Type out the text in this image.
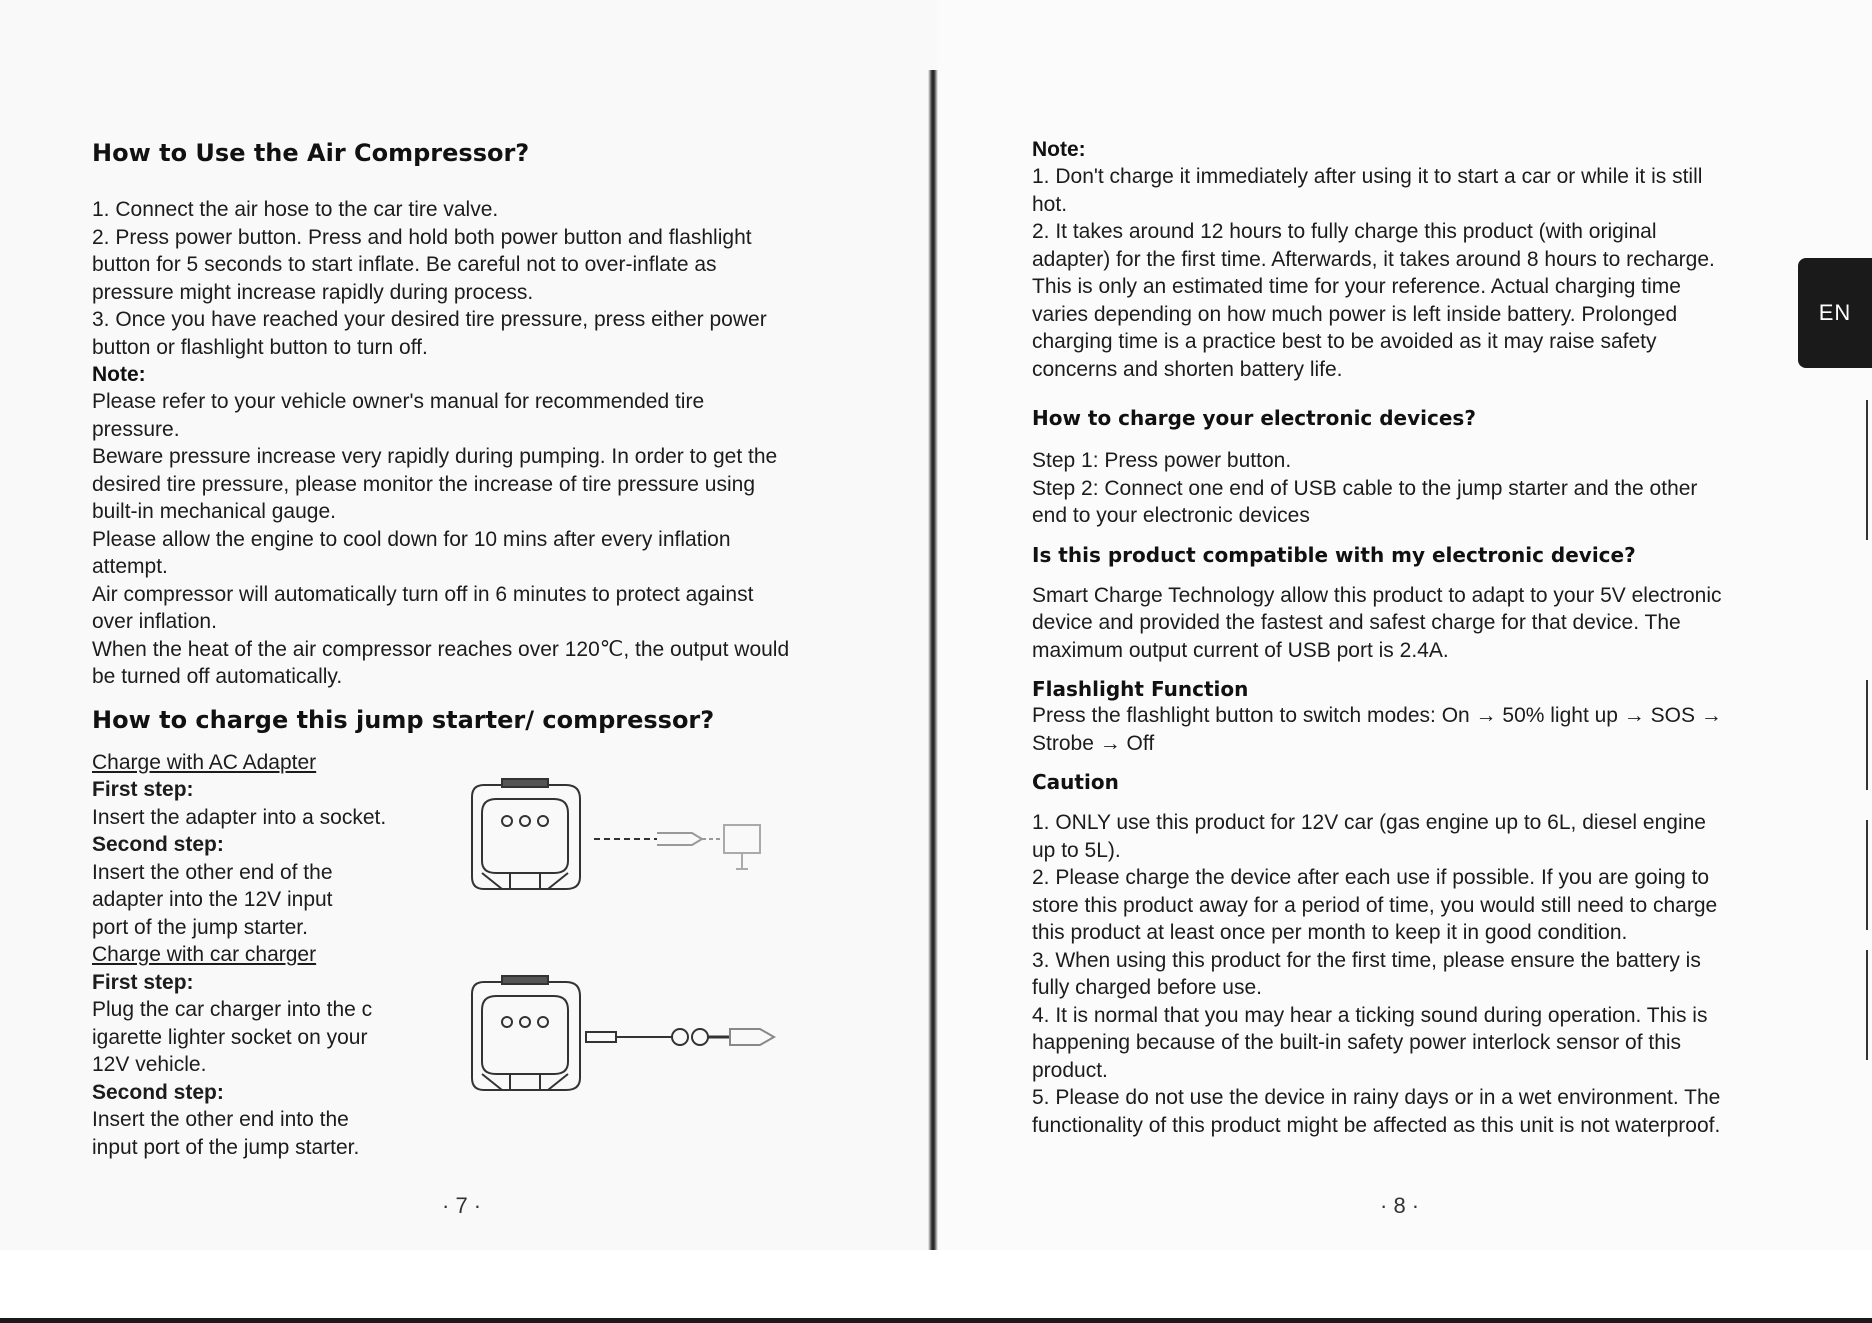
How to Use the Air Compressor?

1. Connect the air hose to the car tire valve.

2. Press power button. Press and hold both power button and flashlight

button for 5 seconds to start inflate. Be careful not to over-inflate as

pressure might increase rapidly during process.

3. Once you have reached your desired tire pressure, press either power

button or flashlight button to turn off.

Note:

Please refer to your vehicle owner's manual for recommended tire

pressure.

Beware pressure increase very rapidly during pumping. In order to get the

desired tire pressure, please monitor the increase of tire pressure using

built-in mechanical gauge.

Please allow the engine to cool down for 10 mins after every inflation

attempt.

Air compressor will automatically turn off in 6 minutes to protect against

over inflation.

When the heat of the air compressor reaches over 120℃, the output would

be turned off automatically.

How to charge this jump starter/ compressor?

Charge with AC Adapter

First step:

Insert the adapter into a socket.

Second step:

Insert the other end of the

adapter into the 12V input

port of the jump starter.

Charge with car charger

First step:

Plug the car charger into the c

igarette lighter socket on your

12V vehicle.

Second step:

Insert the other end into the

input port of the jump starter.

· 7 ·
Note:

1. Don't charge it immediately after using it to start a car or while it is still

hot.

2. It takes around 12 hours to fully charge this product (with original

adapter) for the first time. Afterwards, it takes around 8 hours to recharge.

This is only an estimated time for your reference. Actual charging time

varies depending on how much power is left inside battery. Prolonged

charging time is a practice best to be avoided as it may raise safety

concerns and shorten battery life.

How to charge your electronic devices?

Step 1: Press power button.

Step 2: Connect one end of USB cable to the jump starter and the other

end to your electronic devices

Is this product compatible with my electronic device?

Smart Charge Technology allow this product to adapt to your 5V electronic

device and provided the fastest and safest charge for that device. The

maximum output current of USB port is 2.4A.

Flashlight Function

Press the flashlight button to switch modes: On → 50% light up → SOS →

Strobe → Off

Caution

1. ONLY use this product for 12V car (gas engine up to 6L, diesel engine

up to 5L).

2. Please charge the device after each use if possible. If you are going to

store this product away for a period of time, you would still need to charge

this product at least once per month to keep it in good condition.

3. When using this product for the first time, please ensure the battery is

fully charged before use.

4. It is normal that you may hear a ticking sound during operation. This is

happening because of the built-in safety power interlock sensor of this

product.

5. Please do not use the device in rainy days or in a wet environment. The

functionality of this product might be affected as this unit is not waterproof.

· 8 ·
EN
